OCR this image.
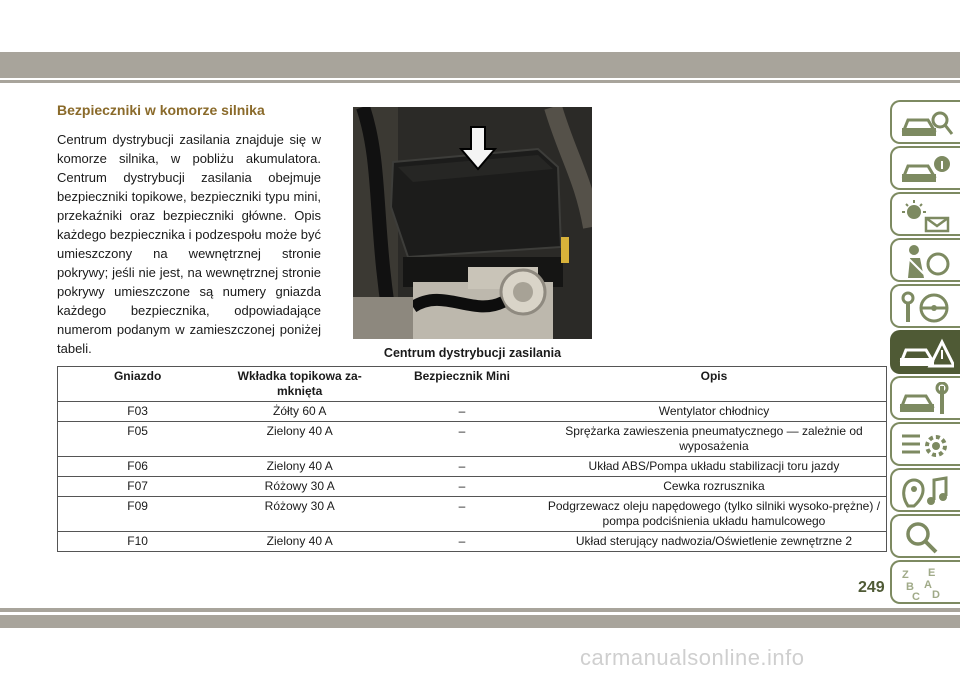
Bezpieczniki w komorze silnika

Centrum dystrybucji zasilania znajduje się w komorze silnika, w pobliżu akumulatora. Centrum dystrybucji zasilania obejmuje bezpieczniki topikowe, bezpieczniki typu mini, przekaźniki oraz bezpieczniki główne. Opis każdego bezpiecznika i podzespołu może być umieszczony na wewnętrznej stronie pokrywy; jeśli nie jest, na wewnętrznej stronie pokrywy umieszczone są numery gniazda każdego bezpiecznika, odpowiadające numerom podanym w zamieszczonej poniżej tabeli.	Centrum dystrybucji zasilania
Gniazdo	Wkładka topikowa za-mknięta	Bezpiecznik Mini	Opis
F03	Żółty 60 A	–	Wentylator chłodnicy
F05	Zielony 40 A	–	Sprężarka zawieszenia pneumatycznego — zależnie od wyposażenia
F06	Zielony 40 A	–	Układ ABS/Pompa układu stabilizacji toru jazdy
F07	Różowy 30 A	–	Cewka rozrusznika
F09	Różowy 30 A	–	Podgrzewacz oleju napędowego (tylko silniki wysoko-prężne) / pompa podciśnienia układu hamulcowego
F10	Zielony 40 A	–	Układ sterujący nadwozia/Oświetlenie zewnętrzne 2
Z E
B A
C D
249
carmanualsonline.info
